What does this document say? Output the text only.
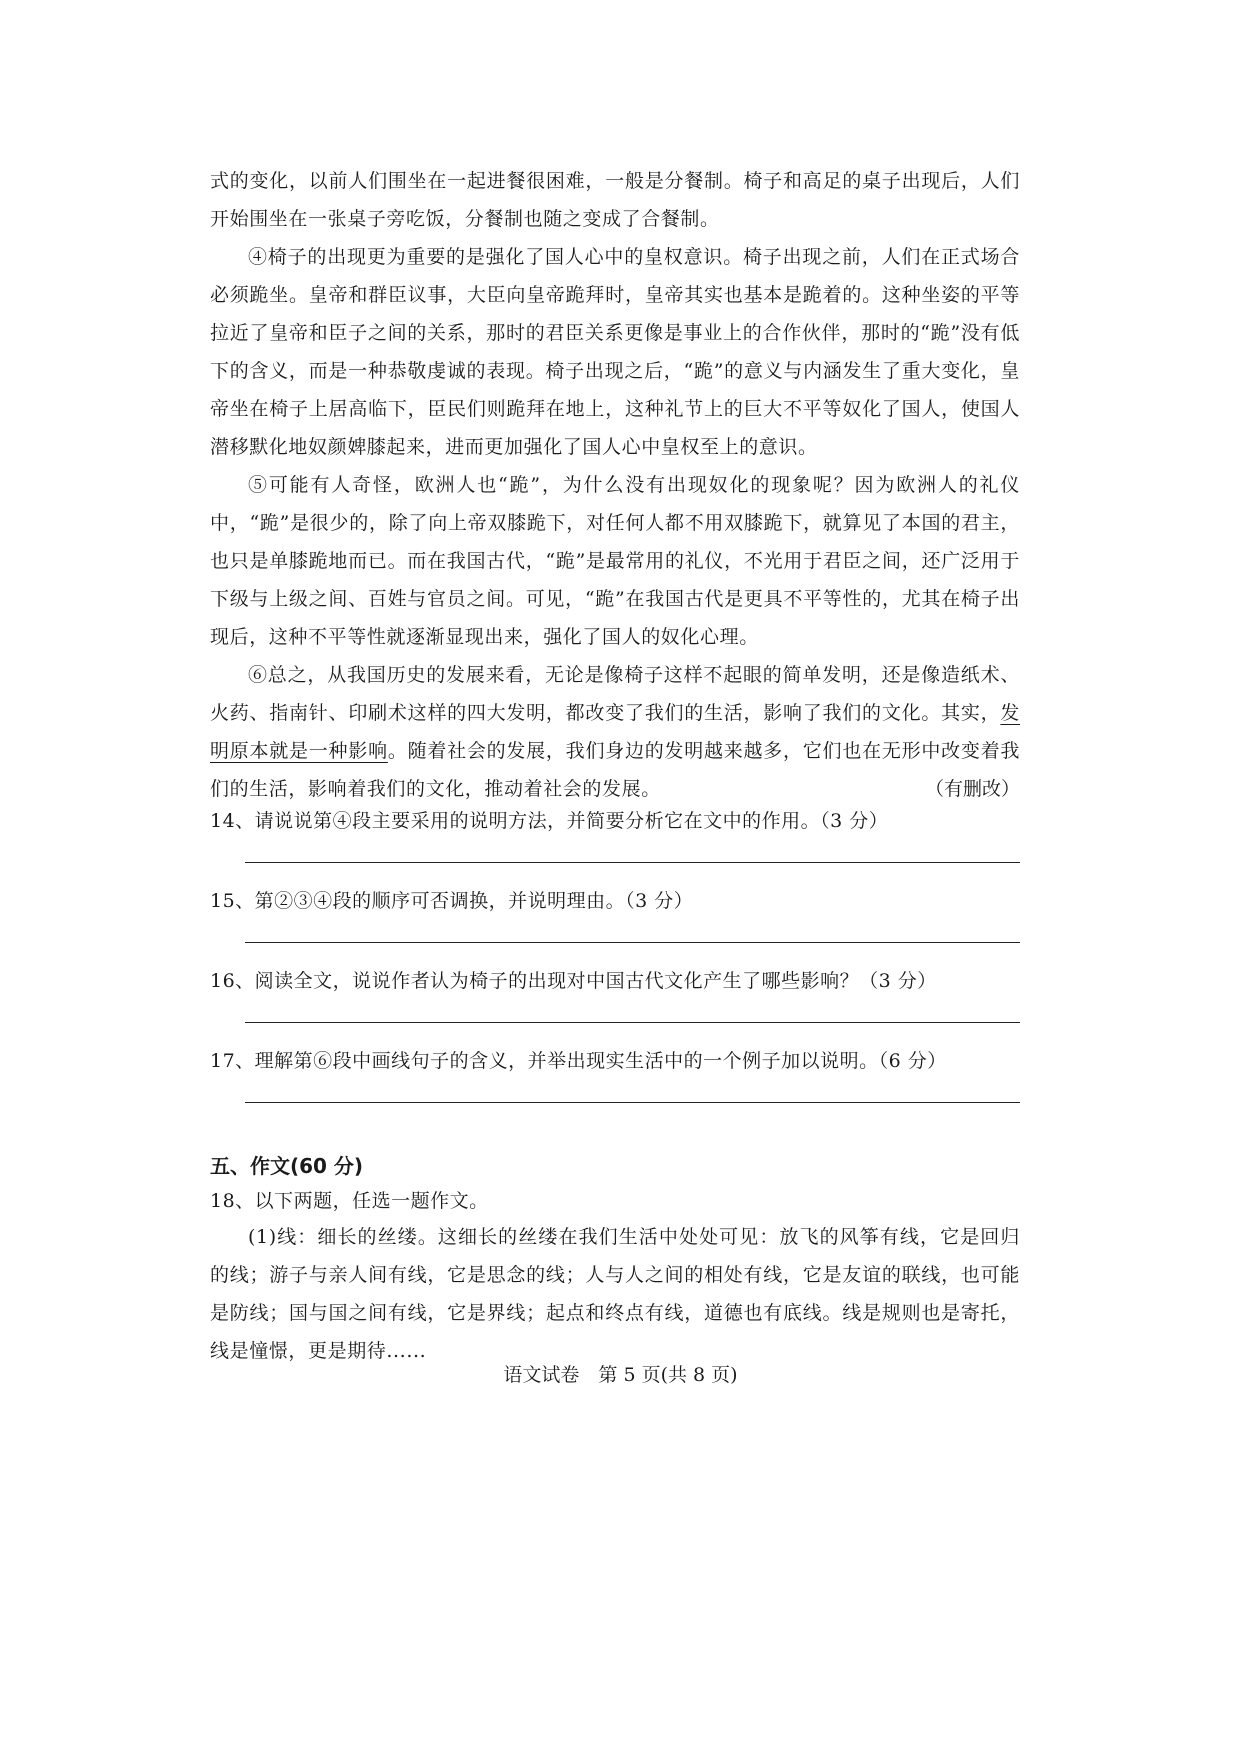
式的变化，以前人们围坐在一起进餐很困难，一般是分餐制。椅子和高足的桌子出现后，人们开始围坐在一张桌子旁吃饭，分餐制也随之变成了合餐制。

④椅子的出现更为重要的是强化了国人心中的皇权意识。椅子出现之前，人们在正式场合必须跪坐。皇帝和群臣议事，大臣向皇帝跪拜时，皇帝其实也基本是跪着的。这种坐姿的平等拉近了皇帝和臣子之间的关系，那时的君臣关系更像是事业上的合作伙伴，那时的“跪”没有低下的含义，而是一种恭敬虔诚的表现。椅子出现之后，“跪”的意义与内涵发生了重大变化，皇帝坐在椅子上居高临下，臣民们则跪拜在地上，这种礼节上的巨大不平等奴化了国人，使国人潜移默化地奴颜婢膝起来，进而更加强化了国人心中皇权至上的意识。

⑤可能有人奇怪，欧洲人也“跪”，为什么没有出现奴化的现象呢？因为欧洲人的礼仪中，“跪”是很少的，除了向上帝双膝跪下，对任何人都不用双膝跪下，就算见了本国的君主，也只是单膝跪地而已。而在我国古代，“跪”是最常用的礼仪，不光用于君臣之间，还广泛用于下级与上级之间、百姓与官员之间。可见，“跪”在我国古代是更具不平等性的，尤其在椅子出现后，这种不平等性就逐渐显现出来，强化了国人的奴化心理。

⑥总之，从我国历史的发展来看，无论是像椅子这样不起眼的简单发明，还是像造纸术、火药、指南针、印刷术这样的四大发明，都改变了我们的生活，影响了我们的文化。其实，发明原本就是一种影响。随着社会的发展，我们身边的发明越来越多，它们也在无形中改变着我们的生活，影响着我们的文化，推动着社会的发展。	（有删改）
14、请说说第④段主要采用的说明方法，并简要分析它在文中的作用。（3 分）
15、第②③④段的顺序可否调换，并说明理由。（3 分）
16、阅读全文，说说作者认为椅子的出现对中国古代文化产生了哪些影响？（3 分）
17、理解第⑥段中画线句子的含义，并举出现实生活中的一个例子加以说明。（6 分）
五、作文(60 分)
18、以下两题，任选一题作文。

(1)线：细长的丝缕。这细长的丝缕在我们生活中处处可见：放飞的风筝有线，它是回归的线；游子与亲人间有线，它是思念的线；人与人之间的相处有线，它是友谊的联线，也可能是防线；国与国之间有线，它是界线；起点和终点有线，道德也有底线。线是规则也是寄托，线是憧憬，更是期待......

语文试卷　第 5 页(共 8 页)
